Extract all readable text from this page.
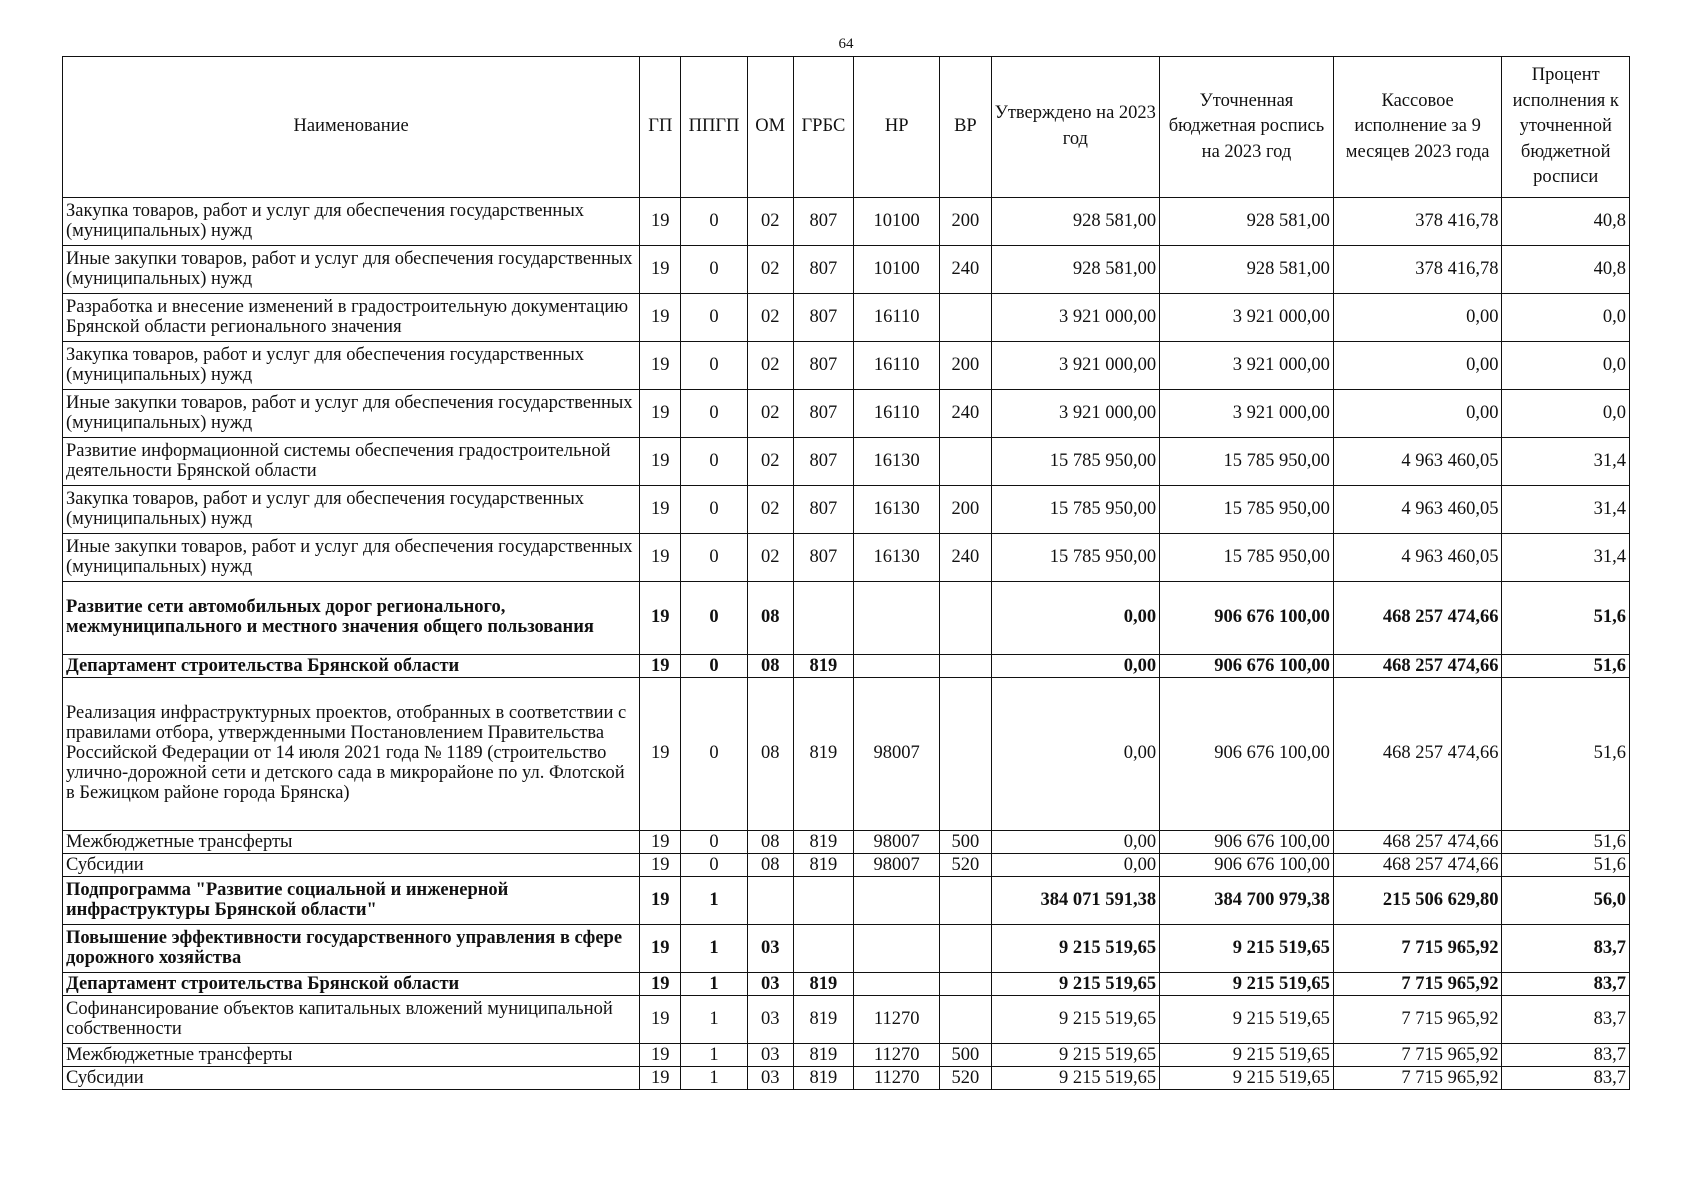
64
Наименование	ГП	ППГП	ОМ	ГРБС	НР	ВР	Утверждено на 2023 год	Уточненная бюджетная роспись на 2023 год	Кассовое исполнение за 9 месяцев 2023 года	Процент исполнения к уточненной бюджетной росписи
Закупка товаров, работ и услуг для обеспечения государственных (муниципальных) нужд	19	0	02	807	10100	200	928 581,00	928 581,00	378 416,78	40,8
Иные закупки товаров, работ и услуг для обеспечения государственных (муниципальных) нужд	19	0	02	807	10100	240	928 581,00	928 581,00	378 416,78	40,8
Разработка и внесение изменений в градостроительную документацию Брянской области регионального значения	19	0	02	807	16110		3 921 000,00	3 921 000,00	0,00	0,0
Закупка товаров, работ и услуг для обеспечения государственных (муниципальных) нужд	19	0	02	807	16110	200	3 921 000,00	3 921 000,00	0,00	0,0
Иные закупки товаров, работ и услуг для обеспечения государственных (муниципальных) нужд	19	0	02	807	16110	240	3 921 000,00	3 921 000,00	0,00	0,0
Развитие информационной системы обеспечения градостроительной деятельности Брянской области	19	0	02	807	16130		15 785 950,00	15 785 950,00	4 963 460,05	31,4
Закупка товаров, работ и услуг для обеспечения государственных (муниципальных) нужд	19	0	02	807	16130	200	15 785 950,00	15 785 950,00	4 963 460,05	31,4
Иные закупки товаров, работ и услуг для обеспечения государственных (муниципальных) нужд	19	0	02	807	16130	240	15 785 950,00	15 785 950,00	4 963 460,05	31,4
Развитие сети автомобильных дорог регионального, межмуниципального и местного значения общего пользования	19	0	08				0,00	906 676 100,00	468 257 474,66	51,6
Департамент строительства Брянской области	19	0	08	819			0,00	906 676 100,00	468 257 474,66	51,6
Реализация инфраструктурных проектов, отобранных в соответствии с правилами отбора, утвержденными Постановлением Правительства Российской Федерации от 14 июля 2021 года № 1189 (строительство улично-дорожной сети и детского сада в микрорайоне по ул. Флотской в Бежицком районе города Брянска)	19	0	08	819	98007		0,00	906 676 100,00	468 257 474,66	51,6
Межбюджетные трансферты	19	0	08	819	98007	500	0,00	906 676 100,00	468 257 474,66	51,6
Субсидии	19	0	08	819	98007	520	0,00	906 676 100,00	468 257 474,66	51,6
Подпрограмма "Развитие социальной и инженерной инфраструктуры Брянской области"	19	1					384 071 591,38	384 700 979,38	215 506 629,80	56,0
Повышение эффективности государственного управления в сфере дорожного хозяйства	19	1	03				9 215 519,65	9 215 519,65	7 715 965,92	83,7
Департамент строительства Брянской области	19	1	03	819			9 215 519,65	9 215 519,65	7 715 965,92	83,7
Софинансирование объектов капитальных вложений муниципальной собственности	19	1	03	819	11270		9 215 519,65	9 215 519,65	7 715 965,92	83,7
Межбюджетные трансферты	19	1	03	819	11270	500	9 215 519,65	9 215 519,65	7 715 965,92	83,7
Субсидии	19	1	03	819	11270	520	9 215 519,65	9 215 519,65	7 715 965,92	83,7
